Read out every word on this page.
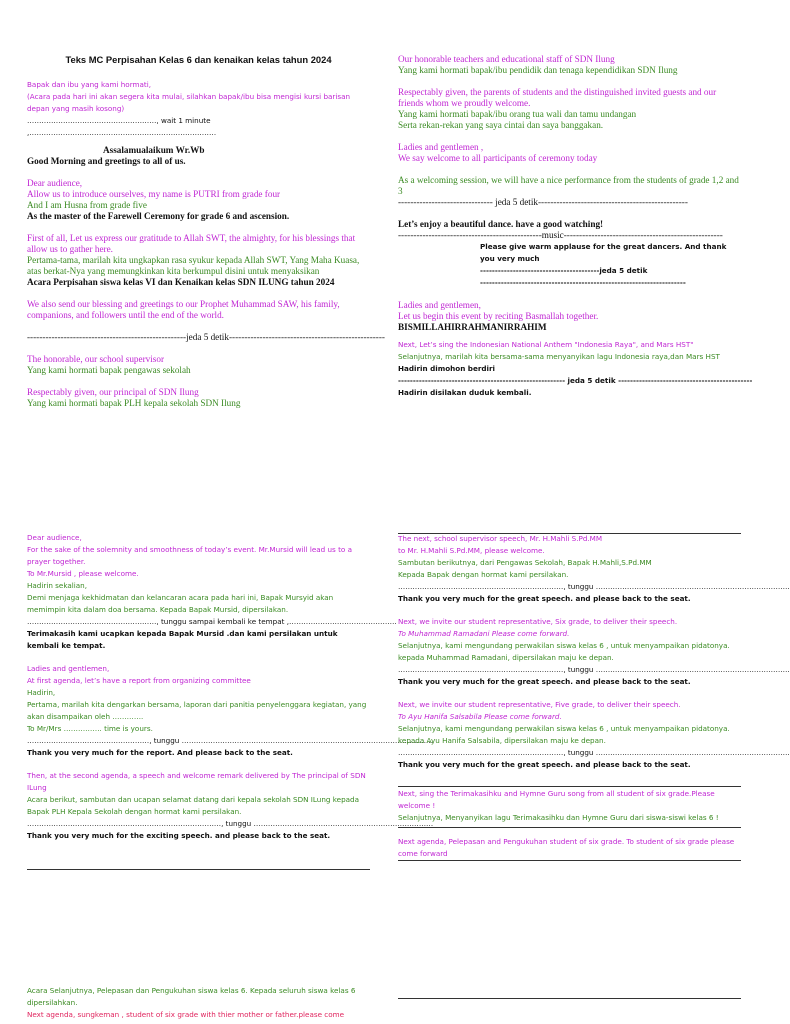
Teks MC Perpisahan Kelas 6 dan kenaikan kelas tahun 2024

Bapak dan ibu yang kami hormati,

(Acara pada hari ini akan segera kita mulai, silahkan bapak/ibu bisa mengisi kursi barisan depan yang masih kosong)

………………………………………………, wait 1 minute ,……………………………………………………………………

Assalamualaikum Wr.Wb

Good Morning and greetings to all of us.

Dear audience,

Allow us to introduce ourselves, my name is PUTRI from grade four

And I am Husna from grade five

As the master of the Farewell Ceremony for grade 6 and ascension.

First of all, Let us express our gratitude to Allah SWT, the almighty, for his blessings that allow us to gather here.

Pertama-tama, marilah kita ungkapkan rasa syukur kepada Allah SWT, Yang Maha Kuasa, atas berkat-Nya yang memungkinkan kita berkumpul disini untuk menyaksikan

Acara Perpisahan siswa kelas VI dan Kenaikan kelas SDN ILUNG tahun 2024

We also send our blessing and greetings to our Prophet Muhammad SAW, his family, companions, and followers until the end of the world.

----------------------------------------------------jeda 5 detik---------------------------------------------------

The honorable, our school supervisor

Yang kami hormati bapak pengawas sekolah

Respectably given, our principal of SDN Ilung

Yang kami hormati bapak PLH kepala sekolah SDN Ilung

Our honorable teachers and educational staff of SDN Ilung

Yang kami hormati bapak/ibu pendidik dan tenaga kependidikan SDN Ilung

Respectably given, the parents of students and the distinguished invited guests and our friends whom we proudly welcome.

Yang kami hormati bapak/ibu orang tua wali dan tamu undangan

Serta rekan-rekan yang saya cintai dan saya banggakan.

Ladies and gentlemen ,

We say welcome to all participants of ceremony today

As a welcoming session, we will have a nice performance from the students of grade 1,2 and 3

------------------------------- jeda 5 detik-------------------------------------------------

Let’s enjoy a beautiful dance. have a good watching!

-----------------------------------------------music----------------------------------------------------

Please give warm applause for the great dancers. And thank you very much

----------------------------------------jeda 5 detik

---------------------------------------------------------------------

Ladies and gentlemen,

Let us begin this event by reciting Basmallah together.

BISMILLAHIRRAHMANIRRAHIM

Next, Let’s sing the Indonesian National Anthem "Indonesia Raya", and Mars HST"

Selanjutnya, marilah kita bersama-sama menyanyikan lagu Indonesia raya,dan Mars HST

Hadirin dimohon berdiri

-------------------------------------------------------- jeda 5 detik ---------------------------------------------

Hadirin disilakan duduk kembali.

Dear audience,

For the sake of the solemnity and smoothness of today’s event. Mr.Mursid will lead us to a prayer together.

To Mr.Mursid , please welcome.

Hadirin sekalian,

Demi menjaga kekhidmatan dan kelancaran acara pada hari ini, Bapak Mursyid akan memimpin kita dalam doa bersama. Kepada Bapak Mursid, dipersilakan.

………………………………………………, tunggu sampai kembali ke tempat ,………………………………………

Terimakasih kami ucapkan kepada Bapak Mursid .dan kami persilakan untuk kembali ke tempat.

Ladies and gentlemen,

At first agenda, let’s have a report from organizing committee

Hadirin,

Pertama, marilah kita dengarkan bersama, laporan dari panitia penyelenggara kegiatan, yang akan disampaikan oleh ………….

To Mr/Mrs ……………. time is yours.

……………………………………………, tunggu ……………………………………………………………………………………………

Thank you very much for the report. And please back to the seat.

Then, at the second agenda, a speech and welcome remark delivered by The principal of SDN ILung

Acara berikut, sambutan dan ucapan selamat datang dari kepala sekolah SDN ILung kepada Bapak PLH Kepala Sekolah dengan hormat kami persilakan.

………………………………………………………………………, tunggu …………………………………………………………………

Thank you very much for the exciting speech. and please back to the seat.

The next, school supervisor speech, Mr. H.Mahli S.Pd.MM

to Mr. H.Mahli S.Pd.MM, please welcome.

Sambutan berikutnya, dari Pengawas Sekolah, Bapak H.Mahli,S.Pd.MM

Kepada Bapak dengan hormat kami persilakan.

……………………………………………………………, tunggu ………………………………………………………………………

Thank you very much for the great speech. and please back to the seat.

Next, we invite our student representative, Six grade, to deliver their speech.

To Muhammad Ramadani Please come forward.

Selanjutnya, kami mengundang perwakilan siswa kelas 6 , untuk menyampaikan pidatonya. kepada Muhammad Ramadani, dipersilakan maju ke depan.

……………………………………………………………, tunggu ………………………………………………………………………

Thank you very much for the great speech. and please back to the seat.

Next, we invite our student representative, Five grade, to deliver their speech.

To Ayu Hanifa Salsabila Please come forward.

Selanjutnya, kami mengundang perwakilan siswa kelas 6 , untuk menyampaikan pidatonya. kepada Ayu Hanifa Salsabila, dipersilakan maju ke depan.

……………………………………………………………, tunggu ………………………………………………………………………

Thank you very much for the great speech. and please back to the seat.

Next, sing the Terimakasihku and Hymne Guru song from all student of six grade.Please welcome !

Selanjutnya, Menyanyikan lagu Terimakasihku dan Hymne Guru dari siswa-siswi kelas 6 !

Next agenda, Pelepasan and Pengukuhan student of six grade. To student of six grade please come forward

Acara Selanjutnya, Pelepasan dan Pengukuhan siswa kelas 6. Kepada seluruh siswa kelas 6 dipersilahkan.

Next agenda, sungkeman , student of six grade with thier mother or father.please come
